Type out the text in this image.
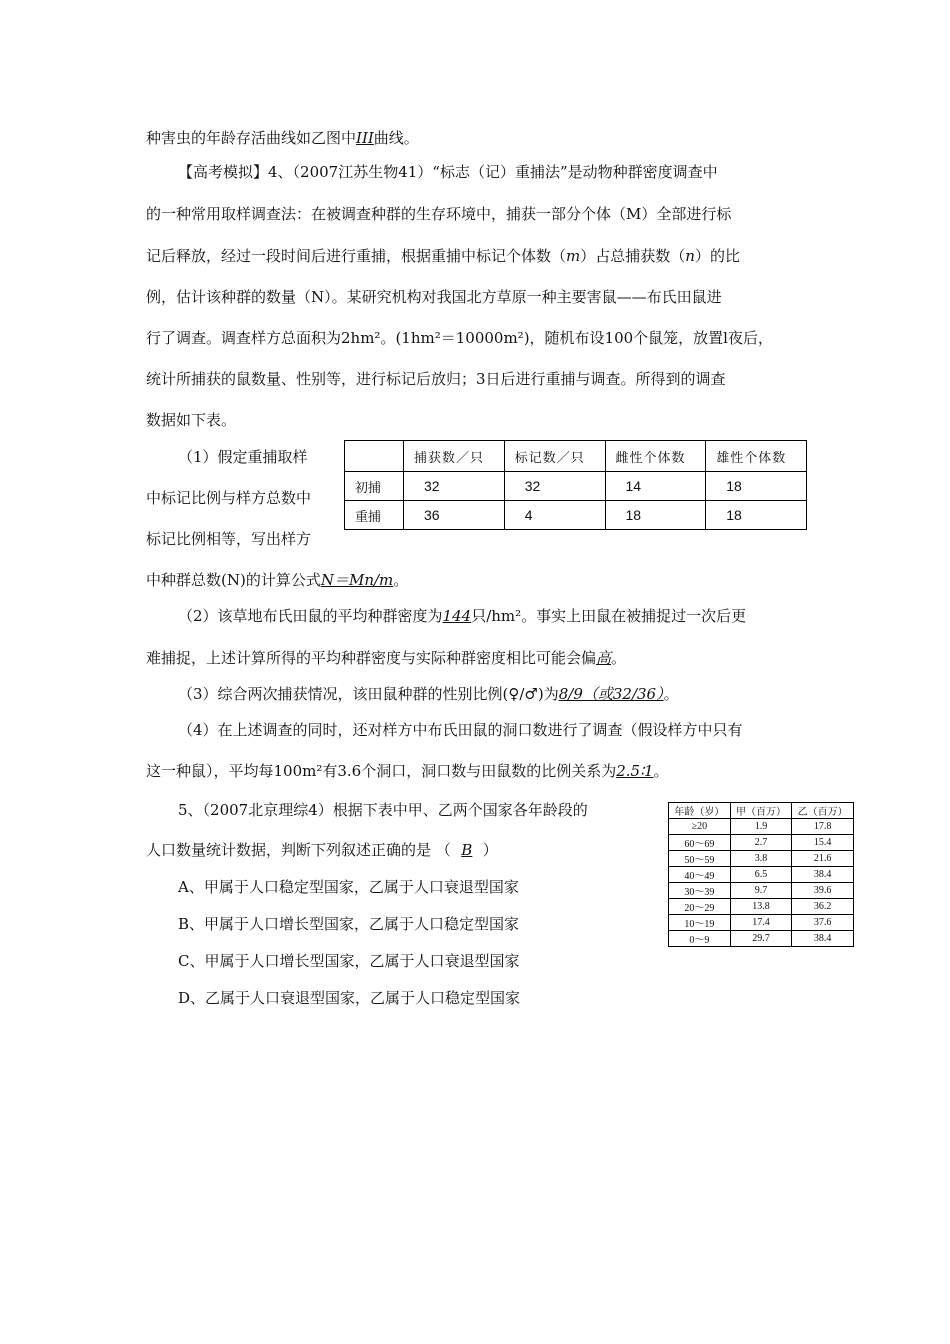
种害虫的年龄存活曲线如乙图中III曲线。
【高考模拟】4、（2007江苏生物41）“标志（记）重捕法”是动物种群密度调查中
的一种常用取样调查法：在被调查种群的生存环境中，捕获一部分个体（M）全部进行标
记后释放，经过一段时间后进行重捕，根据重捕中标记个体数（m）占总捕获数（n）的比
例，估计该种群的数量（N）。某研究机构对我国北方草原一种主要害鼠——布氏田鼠进
行了调查。调查样方总面积为2hm²。(1hm²＝10000m²)，随机布设100个鼠笼，放置l夜后，
统计所捕获的鼠数量、性别等，进行标记后放归；3日后进行重捕与调查。所得到的调查
数据如下表。
（1）假定重捕取样
中标记比例与样方总数中
标记比例相等，写出样方
中种群总数(N)的计算公式N＝Mn/m。
	捕获数／只	标记数／只	雌性个体数	雄性个体数
初捕	32	32	14	18
重捕	36	4	18	18
（2）该草地布氏田鼠的平均种群密度为144只/hm²。事实上田鼠在被捕捉过一次后更
难捕捉，上述计算所得的平均种群密度与实际种群密度相比可能会偏高。
（3）综合两次捕获情况，该田鼠种群的性别比例(♀/♂)为8/9（或32/36）。
（4）在上述调查的同时，还对样方中布氏田鼠的洞口数进行了调查（假设样方中只有
这一种鼠），平均每100m²有3.6个洞口，洞口数与田鼠数的比例关系为2.5∶1。
5、（2007北京理综4）根据下表中甲、乙两个国家各年龄段的
人口数量统计数据，判断下列叙述正确的是 （ B ）
A、甲属于人口稳定型国家，乙属于人口衰退型国家
B、甲属于人口增长型国家，乙属于人口稳定型国家
C、甲属于人口增长型国家，乙属于人口衰退型国家
D、乙属于人口衰退型国家，乙属于人口稳定型国家
年龄（岁）	甲（百万）	乙（百万）
≥20	1.9	17.8
60～69	2.7	15.4
50～59	3.8	21.6
40～49	6.5	38.4
30～39	9.7	39.6
20～29	13.8	36.2
10～19	17.4	37.6
0～9	29.7	38.4
